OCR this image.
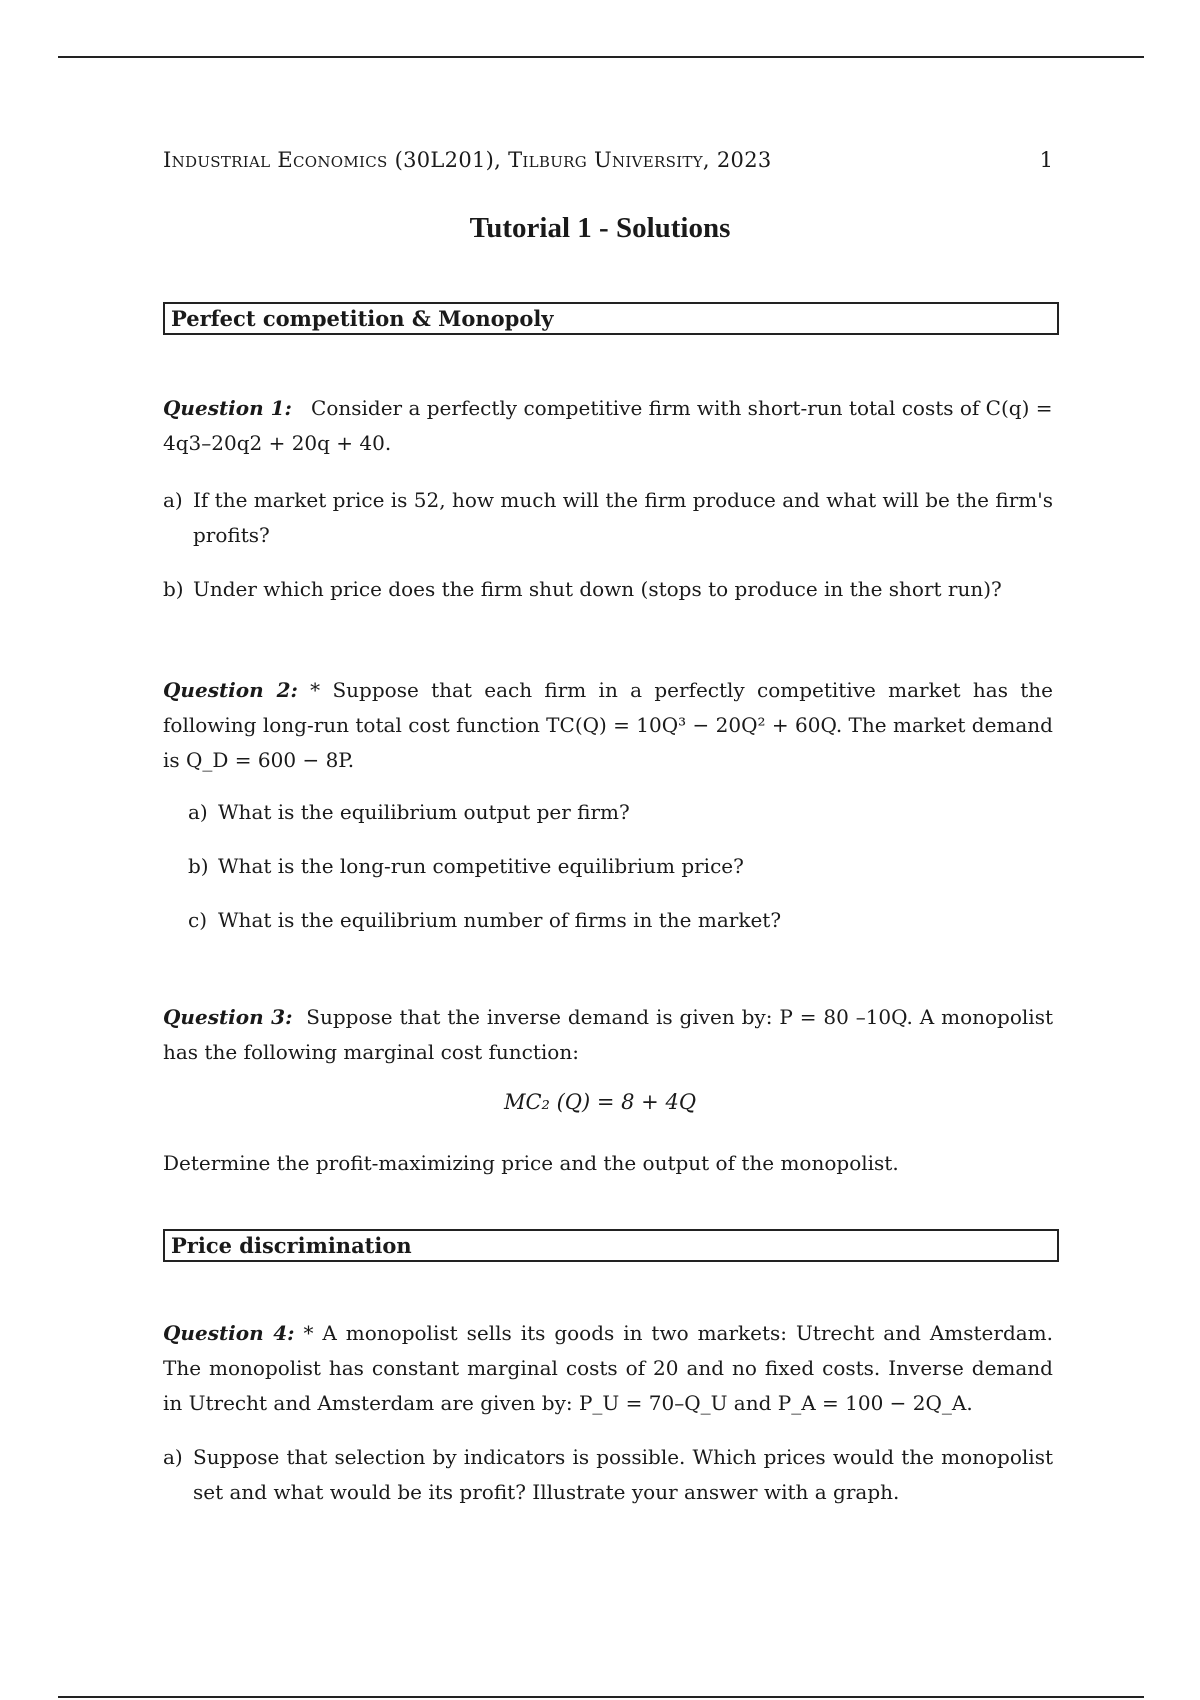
Industrial Economics (30L201), Tilburg University, 2023	1
Tutorial 1 - Solutions
Perfect competition & Monopoly
Question 1: Consider a perfectly competitive firm with short-run total costs of C(q) =
4q3–20q2 + 20q + 40.
a) If the market price is 52, how much will the firm produce and what will be the firm's profits?
b) Under which price does the firm shut down (stops to produce in the short run)?
Question 2: * Suppose that each firm in a perfectly competitive market has the following long-run total cost function TC(Q) = 10Q³ − 20Q² + 60Q. The market demand is Q_D = 600 − 8P.
a) What is the equilibrium output per firm?
b) What is the long-run competitive equilibrium price?
c) What is the equilibrium number of firms in the market?
Question 3: Suppose that the inverse demand is given by: P = 80 –10Q. A monopolist has the following marginal cost function:
MC₂ (Q) = 8 + 4Q
Determine the profit-maximizing price and the output of the monopolist.
Price discrimination
Question 4: * A monopolist sells its goods in two markets: Utrecht and Amsterdam. The monopolist has constant marginal costs of 20 and no fixed costs. Inverse demand in Utrecht and Amsterdam are given by: P_U = 70–Q_U and P_A = 100 − 2Q_A.
a) Suppose that selection by indicators is possible. Which prices would the monopolist set and what would be its profit? Illustrate your answer with a graph.
